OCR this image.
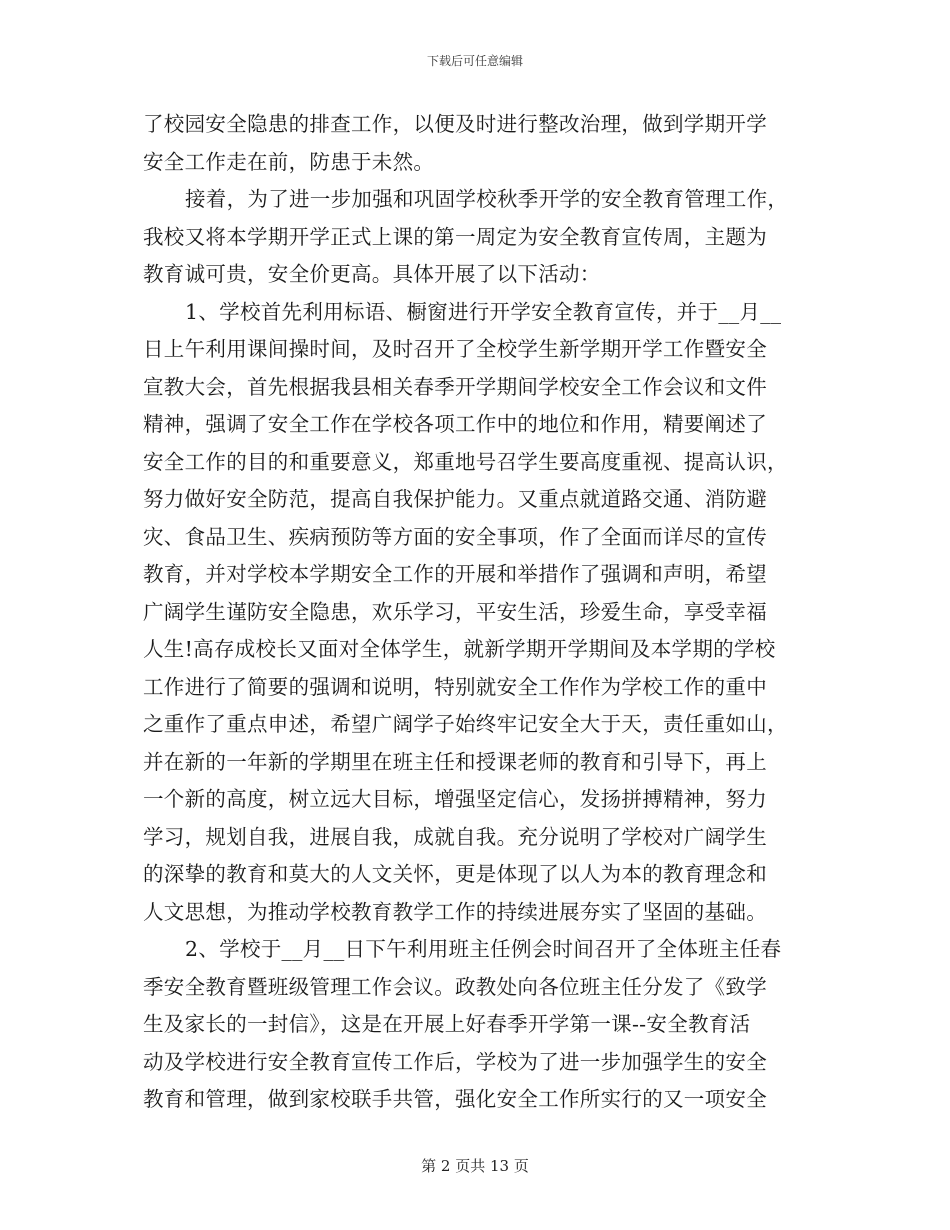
下载后可任意编辑
了校园安全隐患的排查工作，以便及时进行整改治理，做到学期开学
安全工作走在前，防患于未然。
接着，为了进一步加强和巩固学校秋季开学的安全教育管理工作，
我校又将本学期开学正式上课的第一周定为安全教育宣传周，主题为
教育诚可贵，安全价更高。具体开展了以下活动：
1、学校首先利用标语、橱窗进行开学安全教育宣传，并于__月__
日上午利用课间操时间，及时召开了全校学生新学期开学工作暨安全
宣教大会，首先根据我县相关春季开学期间学校安全工作会议和文件
精神，强调了安全工作在学校各项工作中的地位和作用，精要阐述了
安全工作的目的和重要意义，郑重地号召学生要高度重视、提高认识，
努力做好安全防范，提高自我保护能力。又重点就道路交通、消防避
灾、食品卫生、疾病预防等方面的安全事项，作了全面而详尽的宣传
教育，并对学校本学期安全工作的开展和举措作了强调和声明，希望
广阔学生谨防安全隐患，欢乐学习，平安生活，珍爱生命，享受幸福
人生!高存成校长又面对全体学生，就新学期开学期间及本学期的学校
工作进行了简要的强调和说明，特别就安全工作作为学校工作的重中
之重作了重点申述，希望广阔学子始终牢记安全大于天，责任重如山，
并在新的一年新的学期里在班主任和授课老师的教育和引导下，再上
一个新的高度，树立远大目标，增强坚定信心，发扬拼搏精神，努力
学习，规划自我，进展自我，成就自我。充分说明了学校对广阔学生
的深挚的教育和莫大的人文关怀，更是体现了以人为本的教育理念和
人文思想，为推动学校教育教学工作的持续进展夯实了坚固的基础。
2、学校于__月__日下午利用班主任例会时间召开了全体班主任春
季安全教育暨班级管理工作会议。政教处向各位班主任分发了《致学
生及家长的一封信》，这是在开展上好春季开学第一课--安全教育活
动及学校进行安全教育宣传工作后，学校为了进一步加强学生的安全
教育和管理，做到家校联手共管，强化安全工作所实行的又一项安全
第 2 页共 13 页
